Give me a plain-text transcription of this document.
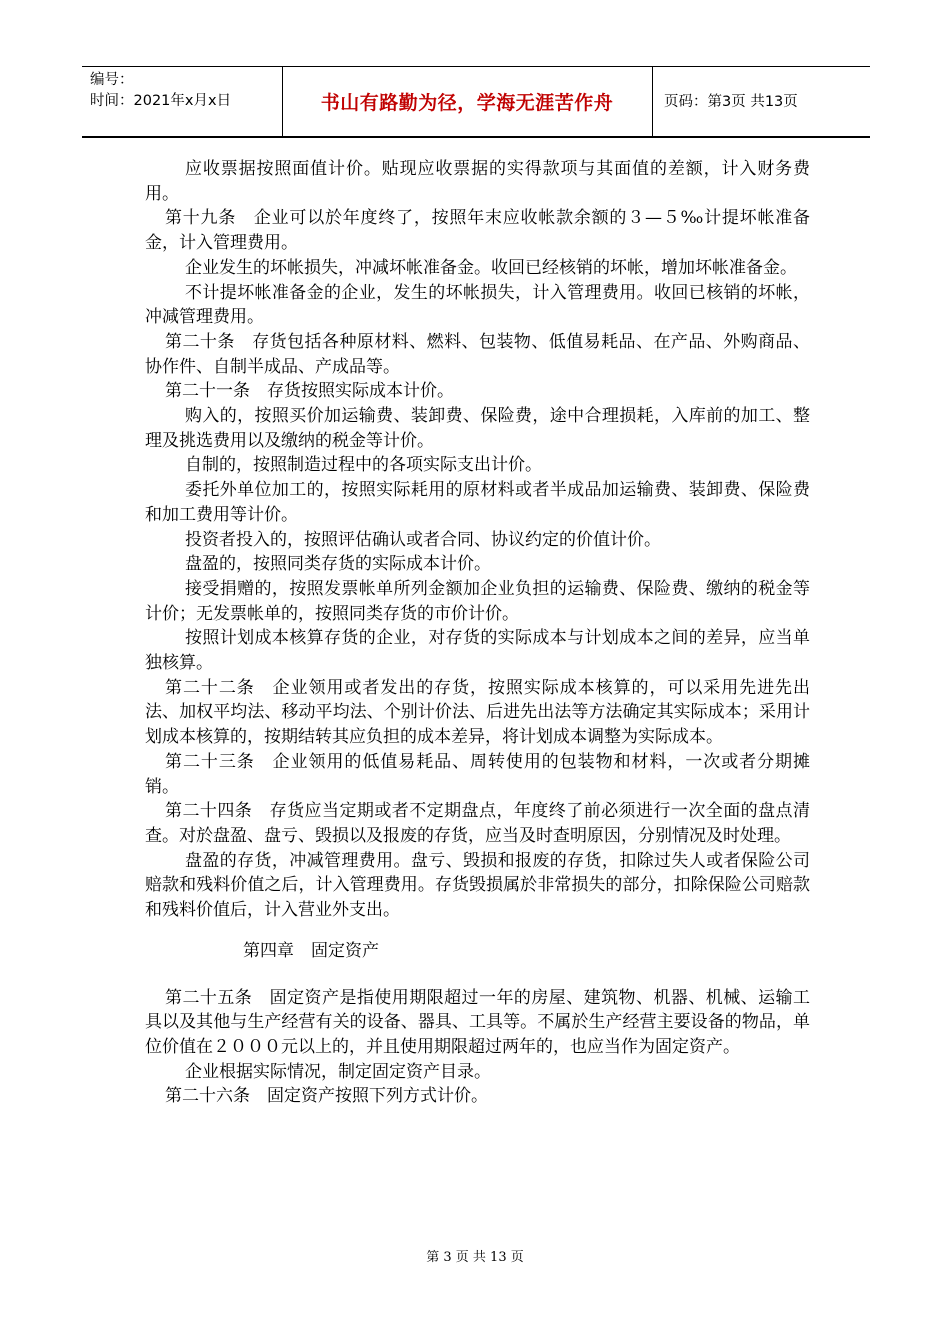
编号：
时间：2021年x月x日	书山有路勤为径，学海无涯苦作舟	页码：第3页 共13页

应收票据按照面值计价。贴现应收票据的实得款项与其面值的差额，计入财务费用。

第十九条　企业可以於年度终了，按照年末应收帐款余额的３—５‰计提坏帐准备金，计入管理费用。

企业发生的坏帐损失，冲减坏帐准备金。收回已经核销的坏帐，增加坏帐准备金。

不计提坏帐准备金的企业，发生的坏帐损失，计入管理费用。收回已核销的坏帐，冲减管理费用。

第二十条　存货包括各种原材料、燃料、包装物、低值易耗品、在产品、外购商品、协作件、自制半成品、产成品等。

第二十一条　存货按照实际成本计价。

购入的，按照买价加运输费、装卸费、保险费，途中合理损耗，入库前的加工、整理及挑选费用以及缴纳的税金等计价。

自制的，按照制造过程中的各项实际支出计价。

委托外单位加工的，按照实际耗用的原材料或者半成品加运输费、装卸费、保险费和加工费用等计价。

投资者投入的，按照评估确认或者合同、协议约定的价值计价。

盘盈的，按照同类存货的实际成本计价。

接受捐赠的，按照发票帐单所列金额加企业负担的运输费、保险费、缴纳的税金等计价；无发票帐单的，按照同类存货的市价计价。

按照计划成本核算存货的企业，对存货的实际成本与计划成本之间的差异，应当单独核算。

第二十二条　企业领用或者发出的存货，按照实际成本核算的，可以采用先进先出法、加权平均法、移动平均法、个别计价法、后进先出法等方法确定其实际成本；采用计划成本核算的，按期结转其应负担的成本差异，将计划成本调整为实际成本。

第二十三条　企业领用的低值易耗品、周转使用的包装物和材料，一次或者分期摊销。

第二十四条　存货应当定期或者不定期盘点，年度终了前必须进行一次全面的盘点清查。对於盘盈、盘亏、毁损以及报废的存货，应当及时查明原因，分别情况及时处理。

盘盈的存货，冲减管理费用。盘亏、毁损和报废的存货，扣除过失人或者保险公司赔款和残料价值之后，计入管理费用。存货毁损属於非常损失的部分，扣除保险公司赔款和残料价值后，计入营业外支出。

第四章　固定资产

第二十五条　固定资产是指使用期限超过一年的房屋、建筑物、机器、机械、运输工具以及其他与生产经营有关的设备、器具、工具等。不属於生产经营主要设备的物品，单位价值在２０００元以上的，并且使用期限超过两年的，也应当作为固定资产。

企业根据实际情况，制定固定资产目录。

第二十六条　固定资产按照下列方式计价。

第 3 页 共 13 页
